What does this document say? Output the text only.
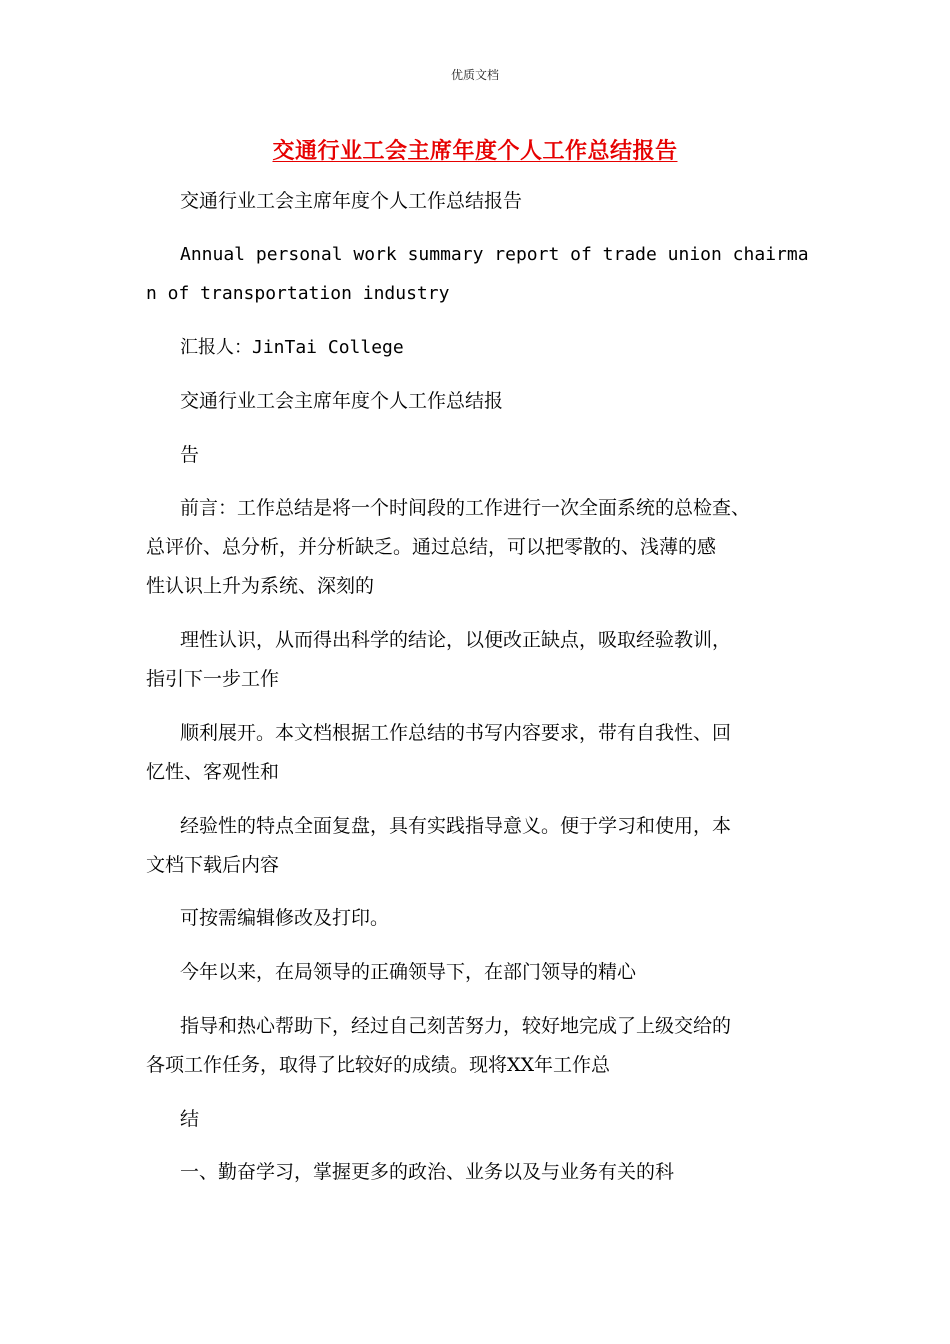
优质文档
交通行业工会主席年度个人工作总结报告
交通行业工会主席年度个人工作总结报告
Annual personal work summary report of trade union chairma
n of transportation industry
汇报人：JinTai College
交通行业工会主席年度个人工作总结报
告
前言：工作总结是将一个时间段的工作进行一次全面系统的总检查、
总评价、总分析，并分析缺乏。通过总结，可以把零散的、浅薄的感
性认识上升为系统、深刻的
理性认识，从而得出科学的结论，以便改正缺点，吸取经验教训，
指引下一步工作
顺利展开。本文档根据工作总结的书写内容要求，带有自我性、回
忆性、客观性和
经验性的特点全面复盘，具有实践指导意义。便于学习和使用，本
文档下载后内容
可按需编辑修改及打印。
今年以来，在局领导的正确领导下，在部门领导的精心
指导和热心帮助下，经过自己刻苦努力，较好地完成了上级交给的
各项工作任务，取得了比较好的成绩。现将XX年工作总
结
一、勤奋学习，掌握更多的政治、业务以及与业务有关的科
